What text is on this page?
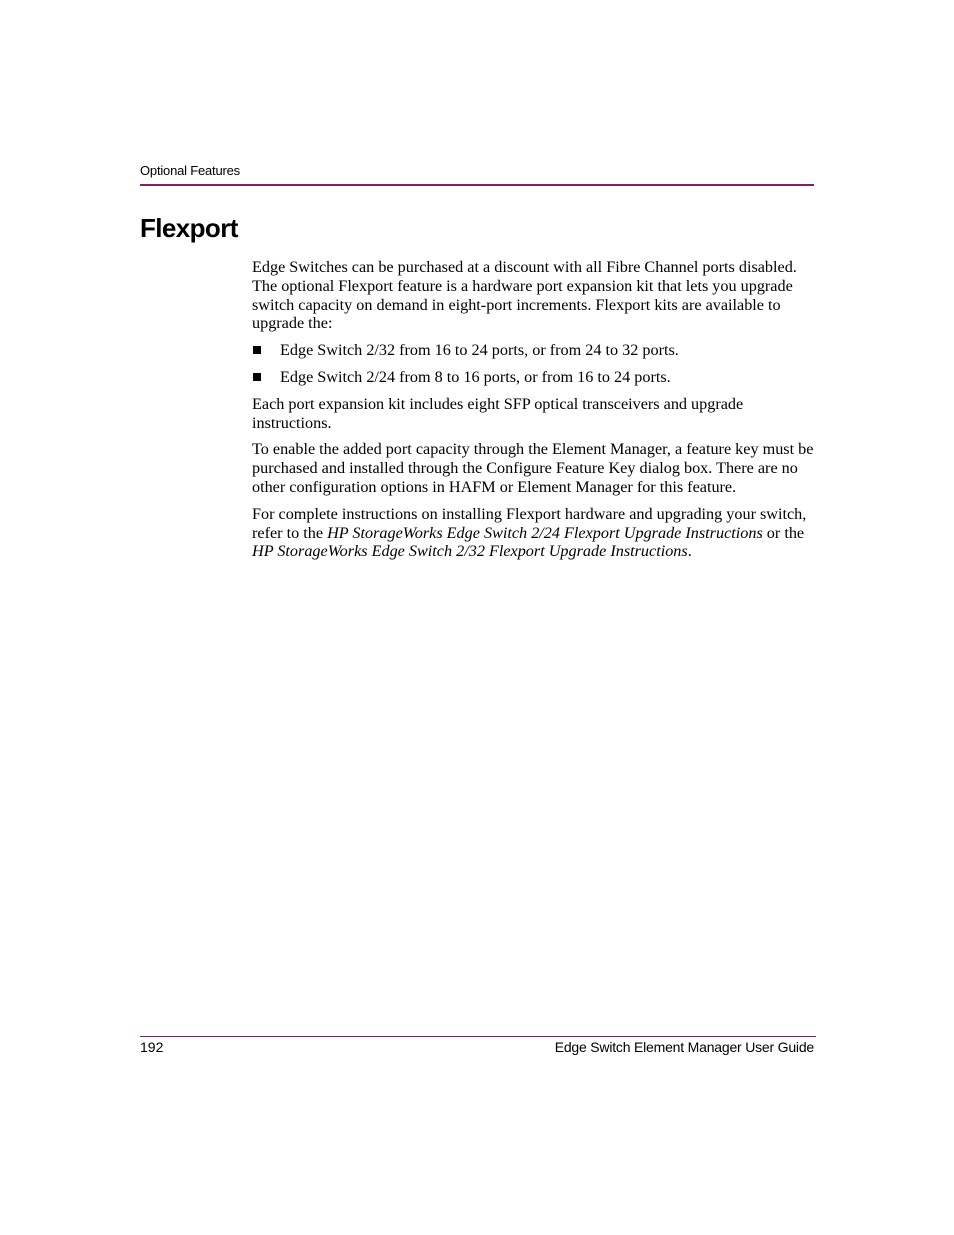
Optional Features
Flexport

Edge Switches can be purchased at a discount with all Fibre Channel ports disabled. The optional Flexport feature is a hardware port expansion kit that lets you upgrade switch capacity on demand in eight-port increments. Flexport kits are available to upgrade the:

Edge Switch 2/32 from 16 to 24 ports, or from 24 to 32 ports.
Edge Switch 2/24 from 8 to 16 ports, or from 16 to 24 ports.

Each port expansion kit includes eight SFP optical transceivers and upgrade instructions.

To enable the added port capacity through the Element Manager, a feature key must be purchased and installed through the Configure Feature Key dialog box. There are no other configuration options in HAFM or Element Manager for this feature.

For complete instructions on installing Flexport hardware and upgrading your switch, refer to the HP StorageWorks Edge Switch 2/24 Flexport Upgrade Instructions or the HP StorageWorks Edge Switch 2/32 Flexport Upgrade Instructions.

192	Edge Switch Element Manager User Guide
